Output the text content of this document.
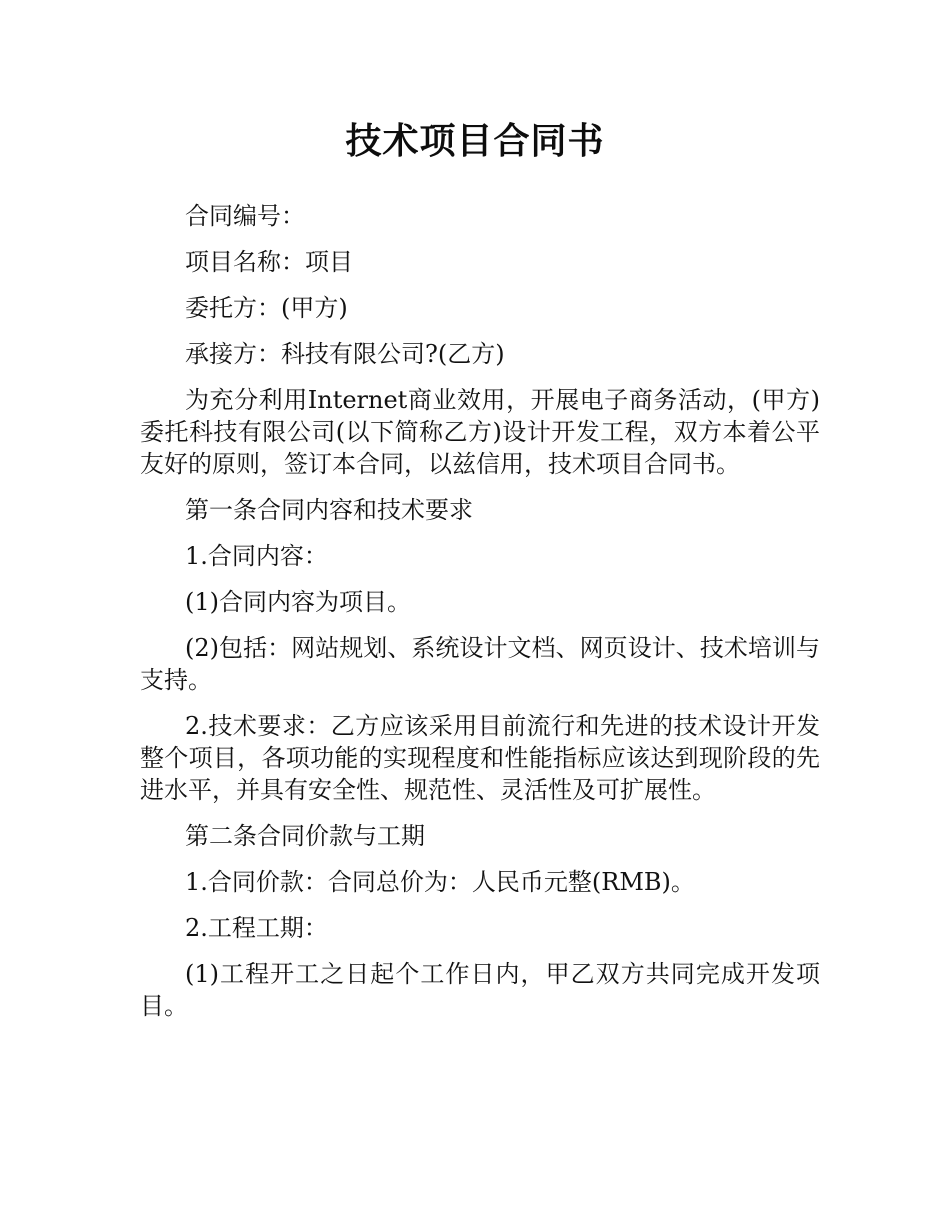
技术项目合同书

合同编号：

项目名称：项目

委托方：(甲方)

承接方：科技有限公司?(乙方)

为充分利用Internet商业效用，开展电子商务活动，(甲方)委托科技有限公司(以下简称乙方)设计开发工程，双方本着公平友好的原则，签订本合同，以兹信用，技术项目合同书。

第一条合同内容和技术要求

1.合同内容：

(1)合同内容为项目。

(2)包括：网站规划、系统设计文档、网页设计、技术培训与支持。

2.技术要求：乙方应该采用目前流行和先进的技术设计开发整个项目，各项功能的实现程度和性能指标应该达到现阶段的先进水平，并具有安全性、规范性、灵活性及可扩展性。

第二条合同价款与工期

1.合同价款：合同总价为：人民币元整(RMB)。

2.工程工期：

(1)工程开工之日起个工作日内，甲乙双方共同完成开发项目。
